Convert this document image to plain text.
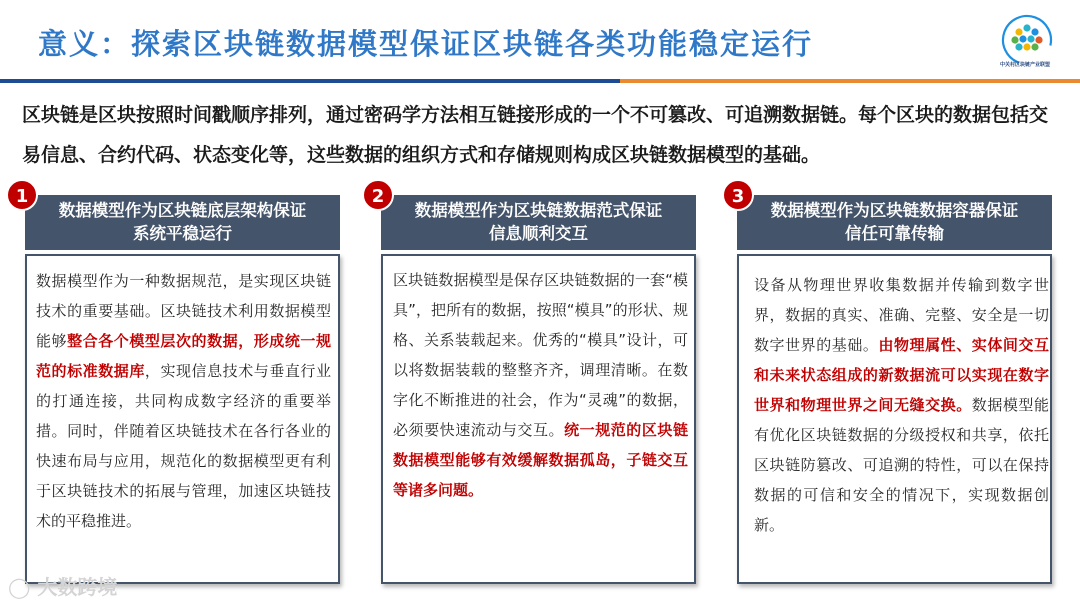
意义：探索区块链数据模型保证区块链各类功能稳定运行
中关村区块链产业联盟

区块链是区块按照时间戳顺序排列，通过密码学方法相互链接形成的一个不可篡改、可追溯数据链。每个区块的数据包括交易信息、合约代码、状态变化等，这些数据的组织方式和存储规则构成区块链数据模型的基础。

数据模型作为区块链底层架构保证
系统平稳运行
1

数据模型作为一种数据规范，是实现区块链技术的重要基础。区块链技术利用数据模型能够整合各个模型层次的数据，形成统一规范的标准数据库，实现信息技术与垂直行业的打通连接，共同构成数字经济的重要举措。同时，伴随着区块链技术在各行各业的快速布局与应用，规范化的数据模型更有利于区块链技术的拓展与管理，加速区块链技术的平稳推进。

数据模型作为区块链数据范式保证
信息顺利交互
2

区块链数据模型是保存区块链数据的一套“模具”，把所有的数据，按照“模具”的形状、规格、关系装载起来。优秀的“模具”设计，可以将数据装载的整整齐齐，调理清晰。在数字化不断推进的社会，作为“灵魂”的数据，必须要快速流动与交互。统一规范的区块链数据模型能够有效缓解数据孤岛，子链交互等诸多问题。

数据模型作为区块链数据容器保证
信任可靠传输
3

设备从物理世界收集数据并传输到数字世界，数据的真实、准确、完整、安全是一切数字世界的基础。由物理属性、实体间交互和未来状态组成的新数据流可以实现在数字世界和物理世界之间无缝交换。数据模型能有优化区块链数据的分级授权和共享，依托区块链防篡改、可追溯的特性，可以在保持数据的可信和安全的情况下，实现数据创新。

◯ 大数跨境
